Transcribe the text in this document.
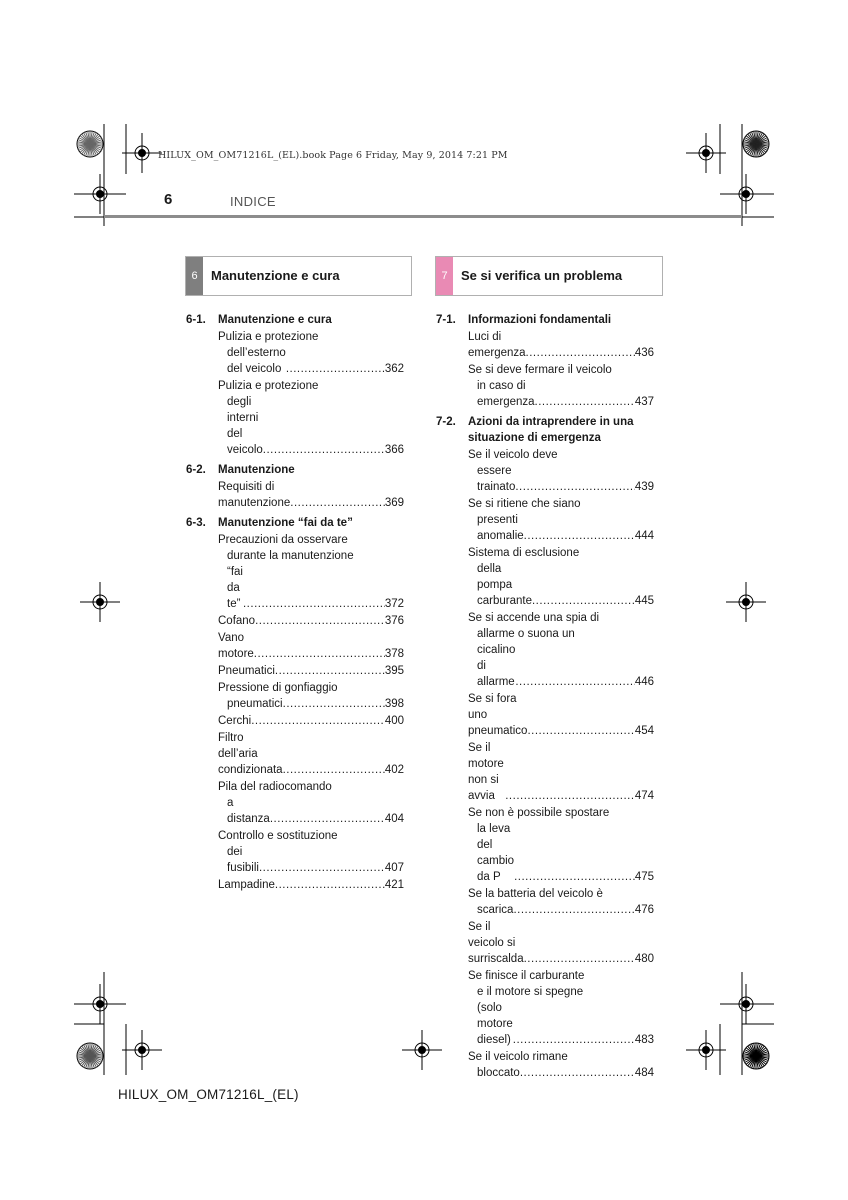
HILUX_OM_OM71216L_(EL).book Page 6 Friday, May 9, 2014 7:21 PM
6	INDICE
6	Manutenzione e cura	7	Se si verifica un problema
6-1. Manutenzione e cura
Pulizia e protezione
dell’esterno del veicolo .....	362
Pulizia e protezione
degli interni del veicolo .....	366
6-2. Manutenzione
Requisiti di manutenzione .....	369
6-3. Manutenzione “fai da te”
Precauzioni da osservare
durante la manutenzione
“fai da te” .....	372
Cofano .....	376
Vano motore .....	378
Pneumatici .....	395
Pressione di gonfiaggio
pneumatici .....	398
Cerchi .....	400
Filtro dell’aria condizionata .....	402
Pila del radiocomando
a distanza .....	404
Controllo e sostituzione
dei fusibili .....	407
Lampadine .....	421
7-1. Informazioni fondamentali
Luci di emergenza .....	436
Se si deve fermare il veicolo
in caso di emergenza .....	437
7-2. Azioni da intraprendere in una
situazione di emergenza
Se il veicolo deve
essere trainato .....	439
Se si ritiene che siano
presenti anomalie .....	444
Sistema di esclusione
della pompa carburante .....	445
Se si accende una spia di
allarme o suona un
cicalino di allarme .....	446
Se si fora uno pneumatico .....	454
Se il motore non si avvia .....	474
Se non è possibile spostare
la leva del cambio da P .....	475
Se la batteria del veicolo è
scarica .....	476
Se il veicolo si surriscalda .....	480
Se finisce il carburante
e il motore si spegne
(solo motore diesel) .....	483
Se il veicolo rimane
bloccato .....	484
HILUX_OM_OM71216L_(EL)
